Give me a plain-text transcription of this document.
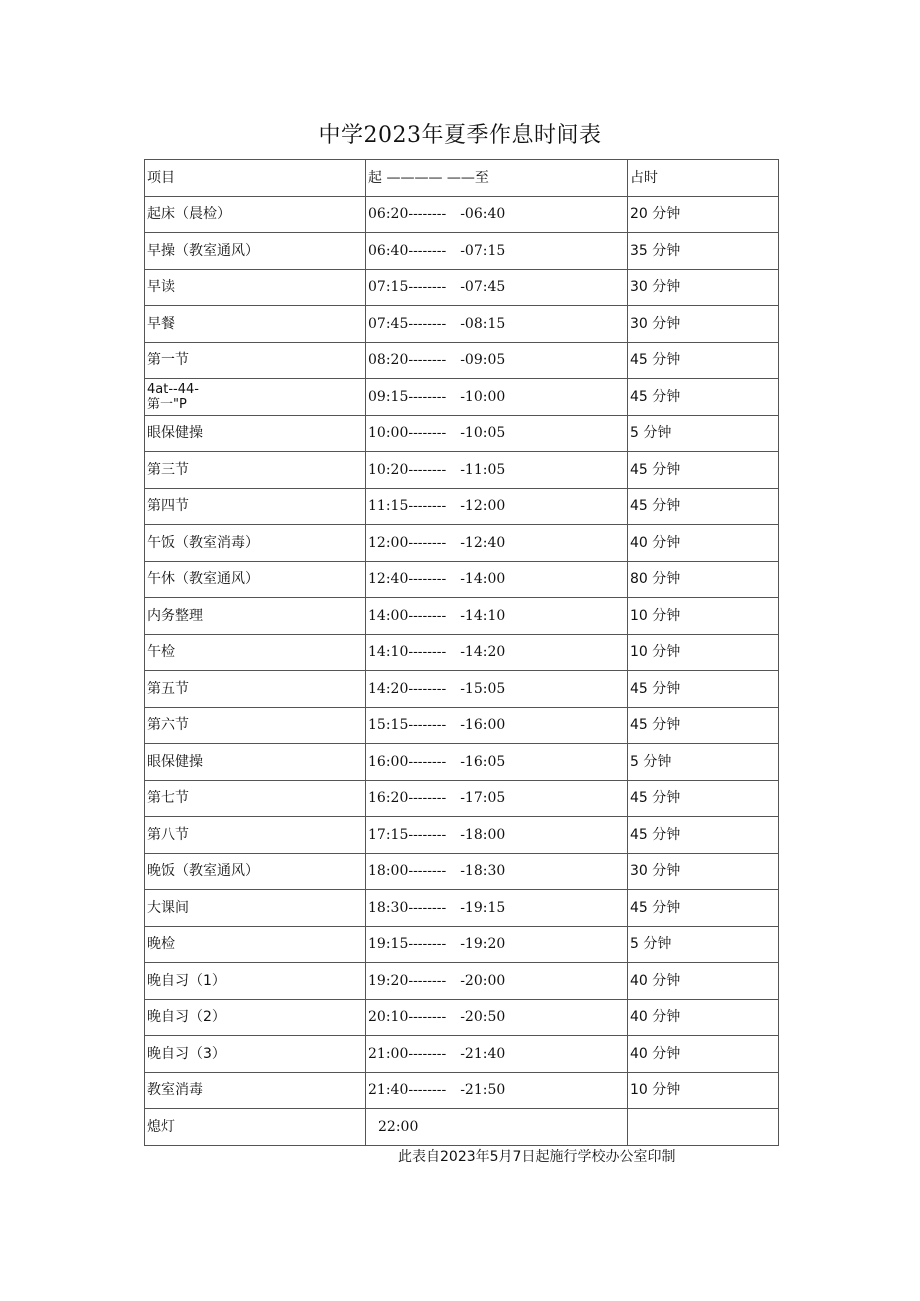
中学2023年夏季作息时间表
项目	起 ———— ——至	占时
起床（晨检）	06:20-------- -06:40	20 分钟
早操（教室通风）	06:40-------- -07:15	35 分钟
早读	07:15-------- -07:45	30 分钟
早餐	07:45-------- -08:15	30 分钟
第一节	08:20-------- -09:05	45 分钟

4at--44-
第一"P	09:15-------- -10:00	45 分钟
眼保健操	10:00-------- -10:05	5 分钟
第三节	10:20-------- -11:05	45 分钟
第四节	11:15-------- -12:00	45 分钟
午饭（教室消毒）	12:00-------- -12:40	40 分钟
午休（教室通风）	12:40-------- -14:00	80 分钟
内务整理	14:00-------- -14:10	10 分钟
午检	14:10-------- -14:20	10 分钟
第五节	14:20-------- -15:05	45 分钟
第六节	15:15-------- -16:00	45 分钟
眼保健操	16:00-------- -16:05	5 分钟
第七节	16:20-------- -17:05	45 分钟
第八节	17:15-------- -18:00	45 分钟
晚饭（教室通风）	18:00-------- -18:30	30 分钟
大课间	18:30-------- -19:15	45 分钟
晚检	19:15-------- -19:20	5 分钟
晚自习（1）	19:20-------- -20:00	40 分钟
晚自习（2）	20:10-------- -20:50	40 分钟
晚自习（3）	21:00-------- -21:40	40 分钟
教室消毒	21:40-------- -21:50	10 分钟
熄灯	22:00	
此表自2023年5月7日起施行学校办公室印制
